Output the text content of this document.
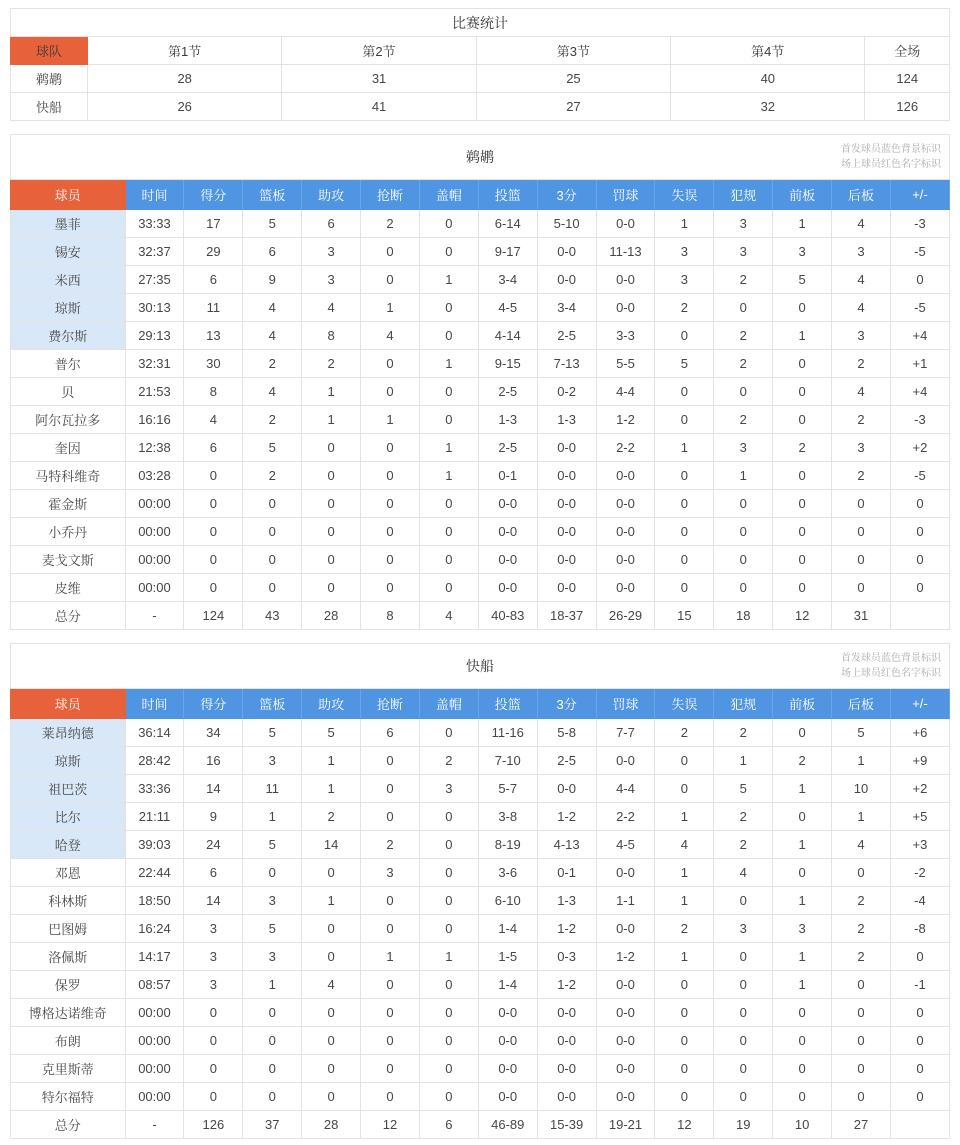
比赛统计					
球队	第1节	第2节	第3节	第4节	全场
鹈鹕	28	31	25	40	124
快船	26	41	27	32	126
鹈鹕 首发球员蓝色背景标识
场上球员红色名字标识														

球员	时间	得分	篮板	助攻	抢断	盖帽	投篮	3分	罚球	失误	犯规	前板	后板	+/-
墨菲	33:33	17	5	6	2	0	6-14	5-10	0-0	1	3	1	4	-3
锡安	32:37	29	6	3	0	0	9-17	0-0	11-13	3	3	3	3	-5
米西	27:35	6	9	3	0	1	3-4	0-0	0-0	3	2	5	4	0
琼斯	30:13	11	4	4	1	0	4-5	3-4	0-0	2	0	0	4	-5
费尔斯	29:13	13	4	8	4	0	4-14	2-5	3-3	0	2	1	3	+4
普尔	32:31	30	2	2	0	1	9-15	7-13	5-5	5	2	0	2	+1
贝	21:53	8	4	1	0	0	2-5	0-2	4-4	0	0	0	4	+4
阿尔瓦拉多	16:16	4	2	1	1	0	1-3	1-3	1-2	0	2	0	2	-3
奎因	12:38	6	5	0	0	1	2-5	0-0	2-2	1	3	2	3	+2
马特科维奇	03:28	0	2	0	0	1	0-1	0-0	0-0	0	1	0	2	-5
霍金斯	00:00	0	0	0	0	0	0-0	0-0	0-0	0	0	0	0	0
小乔丹	00:00	0	0	0	0	0	0-0	0-0	0-0	0	0	0	0	0
麦戈文斯	00:00	0	0	0	0	0	0-0	0-0	0-0	0	0	0	0	0
皮维	00:00	0	0	0	0	0	0-0	0-0	0-0	0	0	0	0	0
总分	-	124	43	28	8	4	40-83	18-37	26-29	15	18	12	31	
快船 首发球员蓝色背景标识
场上球员红色名字标识														

球员	时间	得分	篮板	助攻	抢断	盖帽	投篮	3分	罚球	失误	犯规	前板	后板	+/-
莱昂纳德	36:14	34	5	5	6	0	11-16	5-8	7-7	2	2	0	5	+6
琼斯	28:42	16	3	1	0	2	7-10	2-5	0-0	0	1	2	1	+9
祖巴茨	33:36	14	11	1	0	3	5-7	0-0	4-4	0	5	1	10	+2
比尔	21:11	9	1	2	0	0	3-8	1-2	2-2	1	2	0	1	+5
哈登	39:03	24	5	14	2	0	8-19	4-13	4-5	4	2	1	4	+3
邓恩	22:44	6	0	0	3	0	3-6	0-1	0-0	1	4	0	0	-2
科林斯	18:50	14	3	1	0	0	6-10	1-3	1-1	1	0	1	2	-4
巴图姆	16:24	3	5	0	0	0	1-4	1-2	0-0	2	3	3	2	-8
洛佩斯	14:17	3	3	0	1	1	1-5	0-3	1-2	1	0	1	2	0
保罗	08:57	3	1	4	0	0	1-4	1-2	0-0	0	0	1	0	-1
博格达诺维奇	00:00	0	0	0	0	0	0-0	0-0	0-0	0	0	0	0	0
布朗	00:00	0	0	0	0	0	0-0	0-0	0-0	0	0	0	0	0
克里斯蒂	00:00	0	0	0	0	0	0-0	0-0	0-0	0	0	0	0	0
特尔福特	00:00	0	0	0	0	0	0-0	0-0	0-0	0	0	0	0	0
总分	-	126	37	28	12	6	46-89	15-39	19-21	12	19	10	27	
